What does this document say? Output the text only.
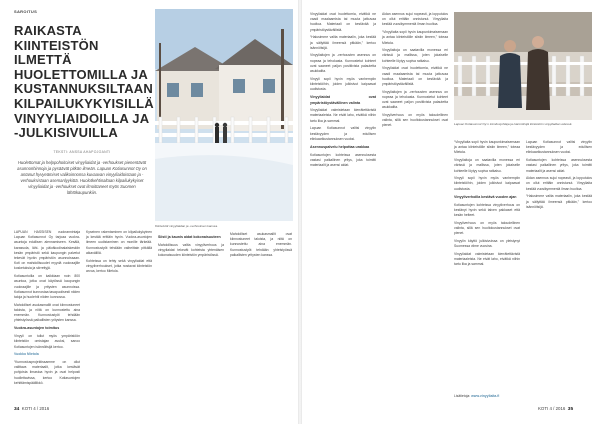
SAROITUS
RAIKASTA KIINTEISTÖN ILMETTÄ HUOLETTOMILLA JA KUSTANNUKSILTAAN KILPAILUKYKYISILLÄ VINYYLIAIDOILLA JA -JULKISIVUILLA
TEKSTI: ANSSA AHAPOJOANTI
Huolettomat ja helppohoitoiset vinyyliaidat ja -verhoukset pienentävät asunnonhinnoja ja pysäävät pitkän ilmeän. Lapuan Kotiasunnot Oy on antanut hyvyeämiset valikoinnonsa kuvaavan vinyyliaidoistaan ja -verhouksistaan asemanlyykittä. Huolotkehtinaltaan kilpailukykyiset vinyyliaidat ja -verhoukset ovat ilmoittaneet myös Suomen lähtökaupunkiin.

LAPUAN HASSISEN vuokrannintaja Lapuan Kotiasunnot Oy tarjoaa vuokra-asuntoja edullisen alennamiseen. Kesälä, karassola, lähi- ja päiväkodinalaiskeskiin kesän ympäristö sekä kaupungin palvelut tekevät hyvän ympäristön asunnoissaan. Koti on mahdollisuudet myydä vuokraajille kosketuksia ja siirrettyjä.

Kotiasuntoilla on kaikkiaan noin 800 asuntoa, jotka ovat käytössä kaupungin vuokraajille ja yritysten asunnoissa. Kotiasunnot kunnostaa tasapuolisesti niiden taloja ja huolehtii niiden kunnossa.

Mahdolliset asukasmallit ovat kiinnostuneet taloista, ja niitä on kunnostettu aina enemmän. Kunnostustyöt tehdään yhteistyössä paikallisten yritysten kanssa.

Vuokra-asuntojen toimitus

Vinyyli on tullut myös ympäristöön kiinteistön omistajan avuksi, sanoo Kotiasuntojen isännöitsijä kertoo.

Vuokko Mietola

“Kunnostusprojektissamme on ollut valittava materiaalit, jotka kestävät pohjoista ilmastoa hyvin ja ovat helposti huollettavissa, kertoo Kotiasuntojen kehittämispäällikkö.

Kiinteistöt vinyyliaidan ja -verhouksen kanssa.

Kyseinen rakentaminen on kilpailukykyinen ja kestää erittäin hyvin. Vuokra-asuntojen ilmeen uudistaminen on monille tärkeää. Kunnostustyöt tehdään vaiheittain pitkällä aikavälillä.

Kohteissa on tehty sekä vinyyliaidat että vinyyliverhoukset, jotka nostavat kiinteistön arvoa, kertoo Mietola.

Siisti ja kaunis aidat kokonaisuuteen

Mahdollisuus valita vinyyliverhous ja vinyyliaidat tekevät kohteista yhtenäisen kokonaisuuden kiinteistön ympäristössä.

Mahdolliset asukasmallit ovat kiinnostuneet taloista, ja niitä on kunnostettu aina enemmän. Kunnostustyöt tehdään yhteistyössä paikallisten yritysten kanssa.

34 KOTI 4 / 2016

Vinyyliaidat ovat huolettomia, eivätkä ne vaadi maalaamista tai muuta jatkuvaa huoltoa. Materiaali on kestävää ja ympäristöystävällistä.

“Halusimme valita materiaalin, joka kestää ja säilyttää ilmeensä pitkään,” kertoo isännöitsijä.

Vinyyliaitojen ja -verhousten asennus on nopeaa ja tehokasta. Kunnostetut kohteet ovat saaneet paljon positiivista palautetta asukkailta.

Vinyyli sopii hyvin myös vanhempiin kiinteistöihin, joiden julkisivut kaipaavat uudistusta.

Vinyyliaidat ovat ympäristöystävällinen valinta

Vinyyliaidat valmistetaan kierrätettävistä materiaaleista. Ne eivät laho, eivätkä niihin tartu lika ja sammal.

Lapuan Kotiasunnot valitsi vinyylin kestävyyden ja edullisen elinkaarikustannuksen vuoksi.

Asennuspalvelu helpottaa urakkaa

Kotiasuntojen kohteissa asennuksesta vastasi paikallinen yritys, joka toimitti materiaalit ja asensi aidat.

Aidan asennus sujui nopeasti, ja lopputulos on ollut erittäin onnistunut. Vinyyliaita kestää vuosikymmeniä ilman huoltoa.

“Vinyyliaita sopii hyvin kaupunkimaisemaan ja antaa kiinteistölle siistin ilmeen,” toteaa Mietola.

Vinyyliaitoja on saatavilla monessa eri värissä ja mallissa, joten jokaiselle kohteelle löytyy sopiva ratkaisu.

Vinyyliaidat ovat huolettomia, eivätkä ne vaadi maalaamista tai muuta jatkuvaa huoltoa. Materiaali on kestävää ja ympäristöystävällistä.

Vinyyliaitojen ja -verhousten asennus on nopeaa ja tehokasta. Kunnostetut kohteet ovat saaneet paljon positiivista palautetta asukkailta.

Vinyyliverhous on myös taloudellinen valinta, sillä sen huoltokustannukset ovat pienet.	Lapuan Kotiasunnot Oy:n toimitusjohtaja ja isännöitsijä kiinteistön vinyyliaidan edessä.

“Vinyyliaita sopii hyvin kaupunkimaisemaan ja antaa kiinteistölle siistin ilmeen,” toteaa Mietola.

Vinyyliaitoja on saatavilla monessa eri värissä ja mallissa, joten jokaiselle kohteelle löytyy sopiva ratkaisu.

Vinyyli sopii hyvin myös vanhempiin kiinteistöihin, joiden julkisivut kaipaavat uudistusta.

Vinyyliverhoilla kestävä vuoden ajan

Kotiasuntojen kohteissa vinyyliverhous on kestänyt hyvin sekä talven pakkaset että kesän helteet.

Vinyyliverhous on myös taloudellinen valinta, sillä sen huoltokustannukset ovat pienet.

Vinyylin käyttö julkisivuissa on yleistynyt Suomessa viime vuosina.

Vinyyliaidat valmistetaan kierrätettävistä materiaaleista. Ne eivät laho, eivätkä niihin tartu lika ja sammal.

Lapuan Kotiasunnot valitsi vinyylin kestävyyden ja edullisen elinkaarikustannuksen vuoksi.

Kotiasuntojen kohteissa asennuksesta vastasi paikallinen yritys, joka toimitti materiaalit ja asensi aidat.

Aidan asennus sujui nopeasti, ja lopputulos on ollut erittäin onnistunut. Vinyyliaita kestää vuosikymmeniä ilman huoltoa.

“Halusimme valita materiaalin, joka kestää ja säilyttää ilmeensä pitkään,” kertoo isännöitsijä.

Lisätietoja: www.vinyyliaita.fi
KOTI 4 / 2016 35
